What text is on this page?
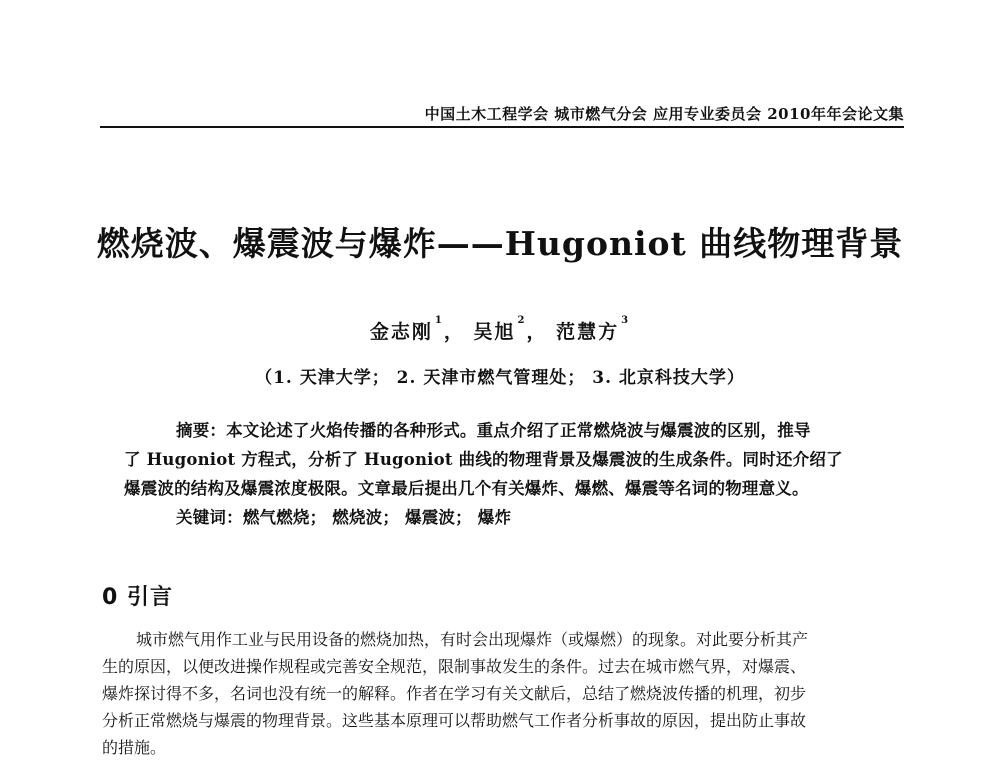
中国土木工程学会 城市燃气分会 应用专业委员会 2010年年会论文集
燃烧波、爆震波与爆炸——Hugoniot 曲线物理背景
金志刚$^1$， 吴旭$^2$， 范慧方$^3$
（1. 天津大学； 2. 天津市燃气管理处； 3. 北京科技大学）
摘要：本文论述了火焰传播的各种形式。重点介绍了正常燃烧波与爆震波的区别，推导
了 Hugoniot 方程式，分析了 Hugoniot 曲线的物理背景及爆震波的生成条件。同时还介绍了
爆震波的结构及爆震浓度极限。文章最后提出几个有关爆炸、爆燃、爆震等名词的物理意义。
关键词：燃气燃烧； 燃烧波； 爆震波； 爆炸
0 引言
城市燃气用作工业与民用设备的燃烧加热，有时会出现爆炸（或爆燃）的现象。对此要分析其产
生的原因，以便改进操作规程或完善安全规范，限制事故发生的条件。过去在城市燃气界，对爆震、
爆炸探讨得不多，名词也没有统一的解释。作者在学习有关文献后，总结了燃烧波传播的机理，初步
分析正常燃烧与爆震的物理背景。这些基本原理可以帮助燃气工作者分析事故的原因，提出防止事故
的措施。
